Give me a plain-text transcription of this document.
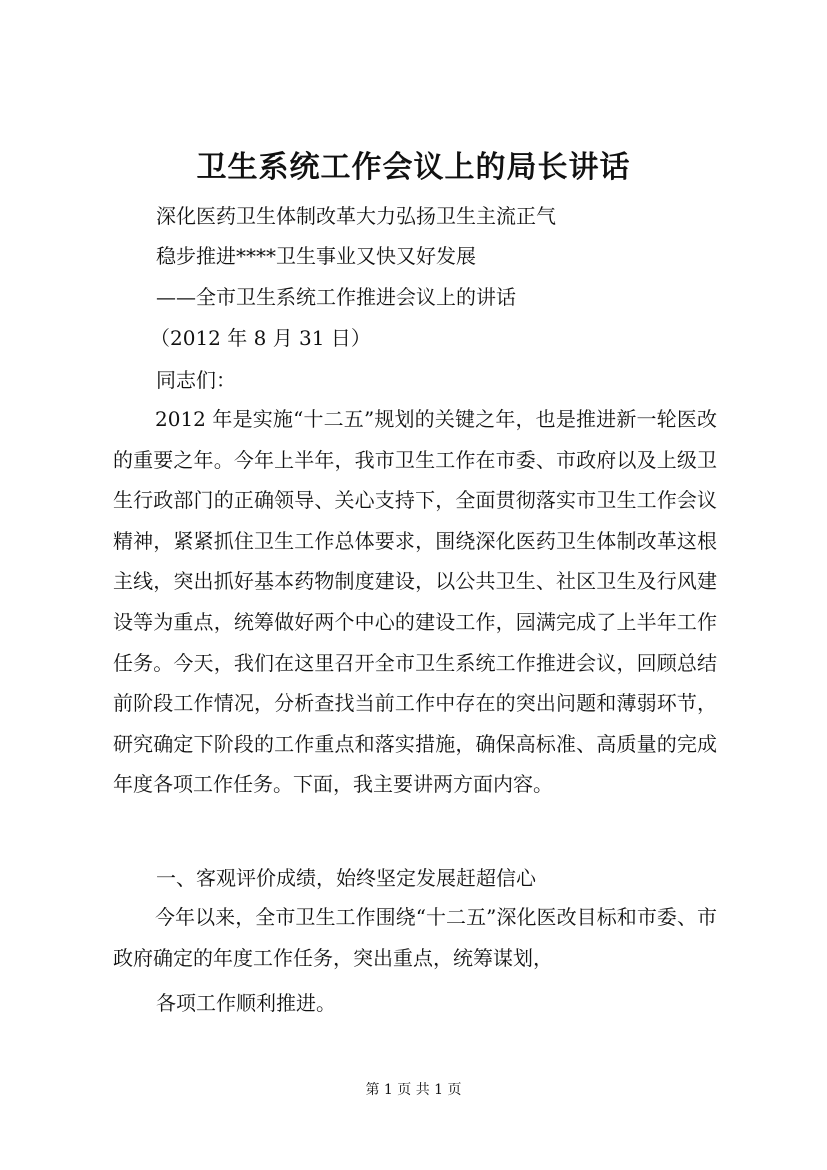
卫生系统工作会议上的局长讲话
深化医药卫生体制改革大力弘扬卫生主流正气
稳步推进****卫生事业又快又好发展
——全市卫生系统工作推进会议上的讲话
（2012 年 8 月 31 日）
同志们：
2012 年是实施“十二五”规划的关键之年，也是推进新一轮医改的重要之年。今年上半年，我市卫生工作在市委、市政府以及上级卫生行政部门的正确领导、关心支持下，全面贯彻落实市卫生工作会议精神，紧紧抓住卫生工作总体要求，围绕深化医药卫生体制改革这根主线，突出抓好基本药物制度建设，以公共卫生、社区卫生及行风建设等为重点，统筹做好两个中心的建设工作，园满完成了上半年工作任务。今天，我们在这里召开全市卫生系统工作推进会议，回顾总结前阶段工作情况，分析查找当前工作中存在的突出问题和薄弱环节，研究确定下阶段的工作重点和落实措施，确保高标准、高质量的完成年度各项工作任务。下面，我主要讲两方面内容。
一、客观评价成绩，始终坚定发展赶超信心
今年以来，全市卫生工作围绕“十二五”深化医改目标和市委、市政府确定的年度工作任务，突出重点，统筹谋划，
各项工作顺利推进。
第 1 页 共 1 页
